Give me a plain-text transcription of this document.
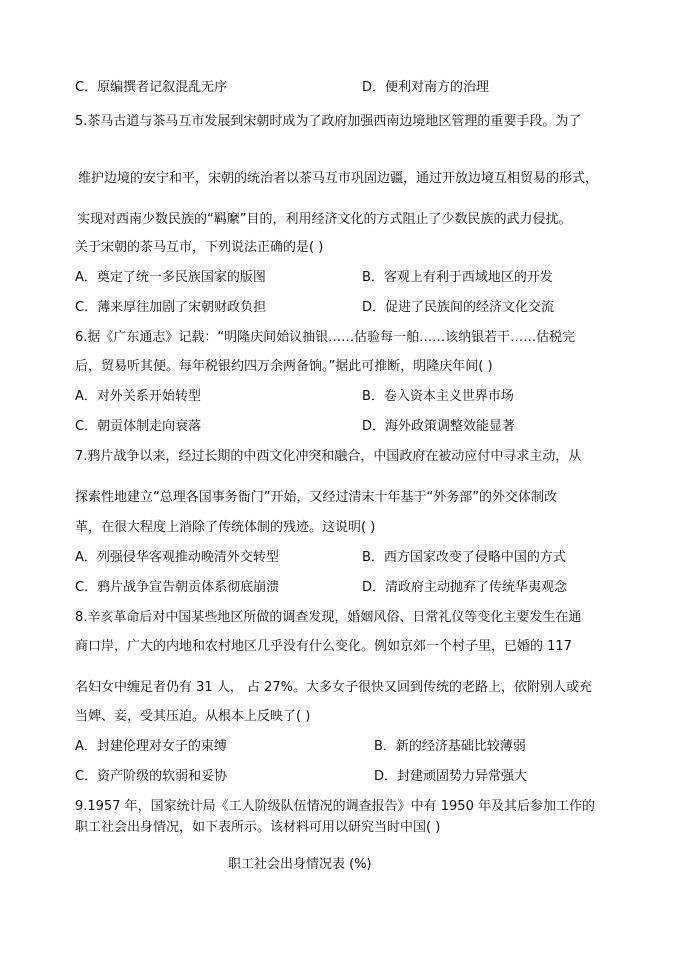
C．原编撰者记叙混乱无序	D．便利对南方的治理
5.茶马古道与茶马互市发展到宋朝时成为了政府加强西南边境地区管理的重要手段。为了
维护边境的安宁和平，宋朝的统治者以茶马互市巩固边疆，通过开放边境互相贸易的形式，
实现对西南少数民族的“羁縻”目的，利用经济文化的方式阻止了少数民族的武力侵扰。
关于宋朝的茶马互市，下列说法正确的是( )
A．奠定了统一多民族国家的版图	B．客观上有利于西域地区的开发
C．薄来厚往加剧了宋朝财政负担	D．促进了民族间的经济文化交流
6.据《广东通志》记载：“明隆庆间始议抽银……估验每一舶……该纳银若干……估税完
后，贸易听其便。每年税银约四万余两备饷。”据此可推断，明隆庆年间( )
A．对外关系开始转型	B．卷入资本主义世界市场
C．朝贡体制走向衰落	D．海外政策调整效能显著
7.鸦片战争以来，经过长期的中西文化冲突和融合，中国政府在被动应付中寻求主动，从
探索性地建立“总理各国事务衙门”开始，又经过清末十年基于“外务部”的外交体制改
革，在很大程度上消除了传统体制的残迹。这说明( )
A．列强侵华客观推动晚清外交转型	B．西方国家改变了侵略中国的方式
C．鸦片战争宣告朝贡体系彻底崩溃	D．清政府主动抛弃了传统华夷观念
8.辛亥革命后对中国某些地区所做的调查发现，婚姻风俗、日常礼仪等变化主要发生在通
商口岸，广大的内地和农村地区几乎没有什么变化。例如京郊一个村子里，已婚的 117
名妇女中缠足者仍有 31 人， 占 27%。大多女子很快又回到传统的老路上，依附别人或充
当婢、妾，受其压迫。从根本上反映了( )
A．封建伦理对女子的束缚	B．新的经济基础比较薄弱
C．资产阶级的软弱和妥协	D．封建顽固势力异常强大
9.1957 年，国家统计局《工人阶级队伍情况的调查报告》中有 1950 年及其后参加工作的
职工社会出身情况，如下表所示。该材料可用以研究当时中国( )
职工社会出身情况表 (%)
